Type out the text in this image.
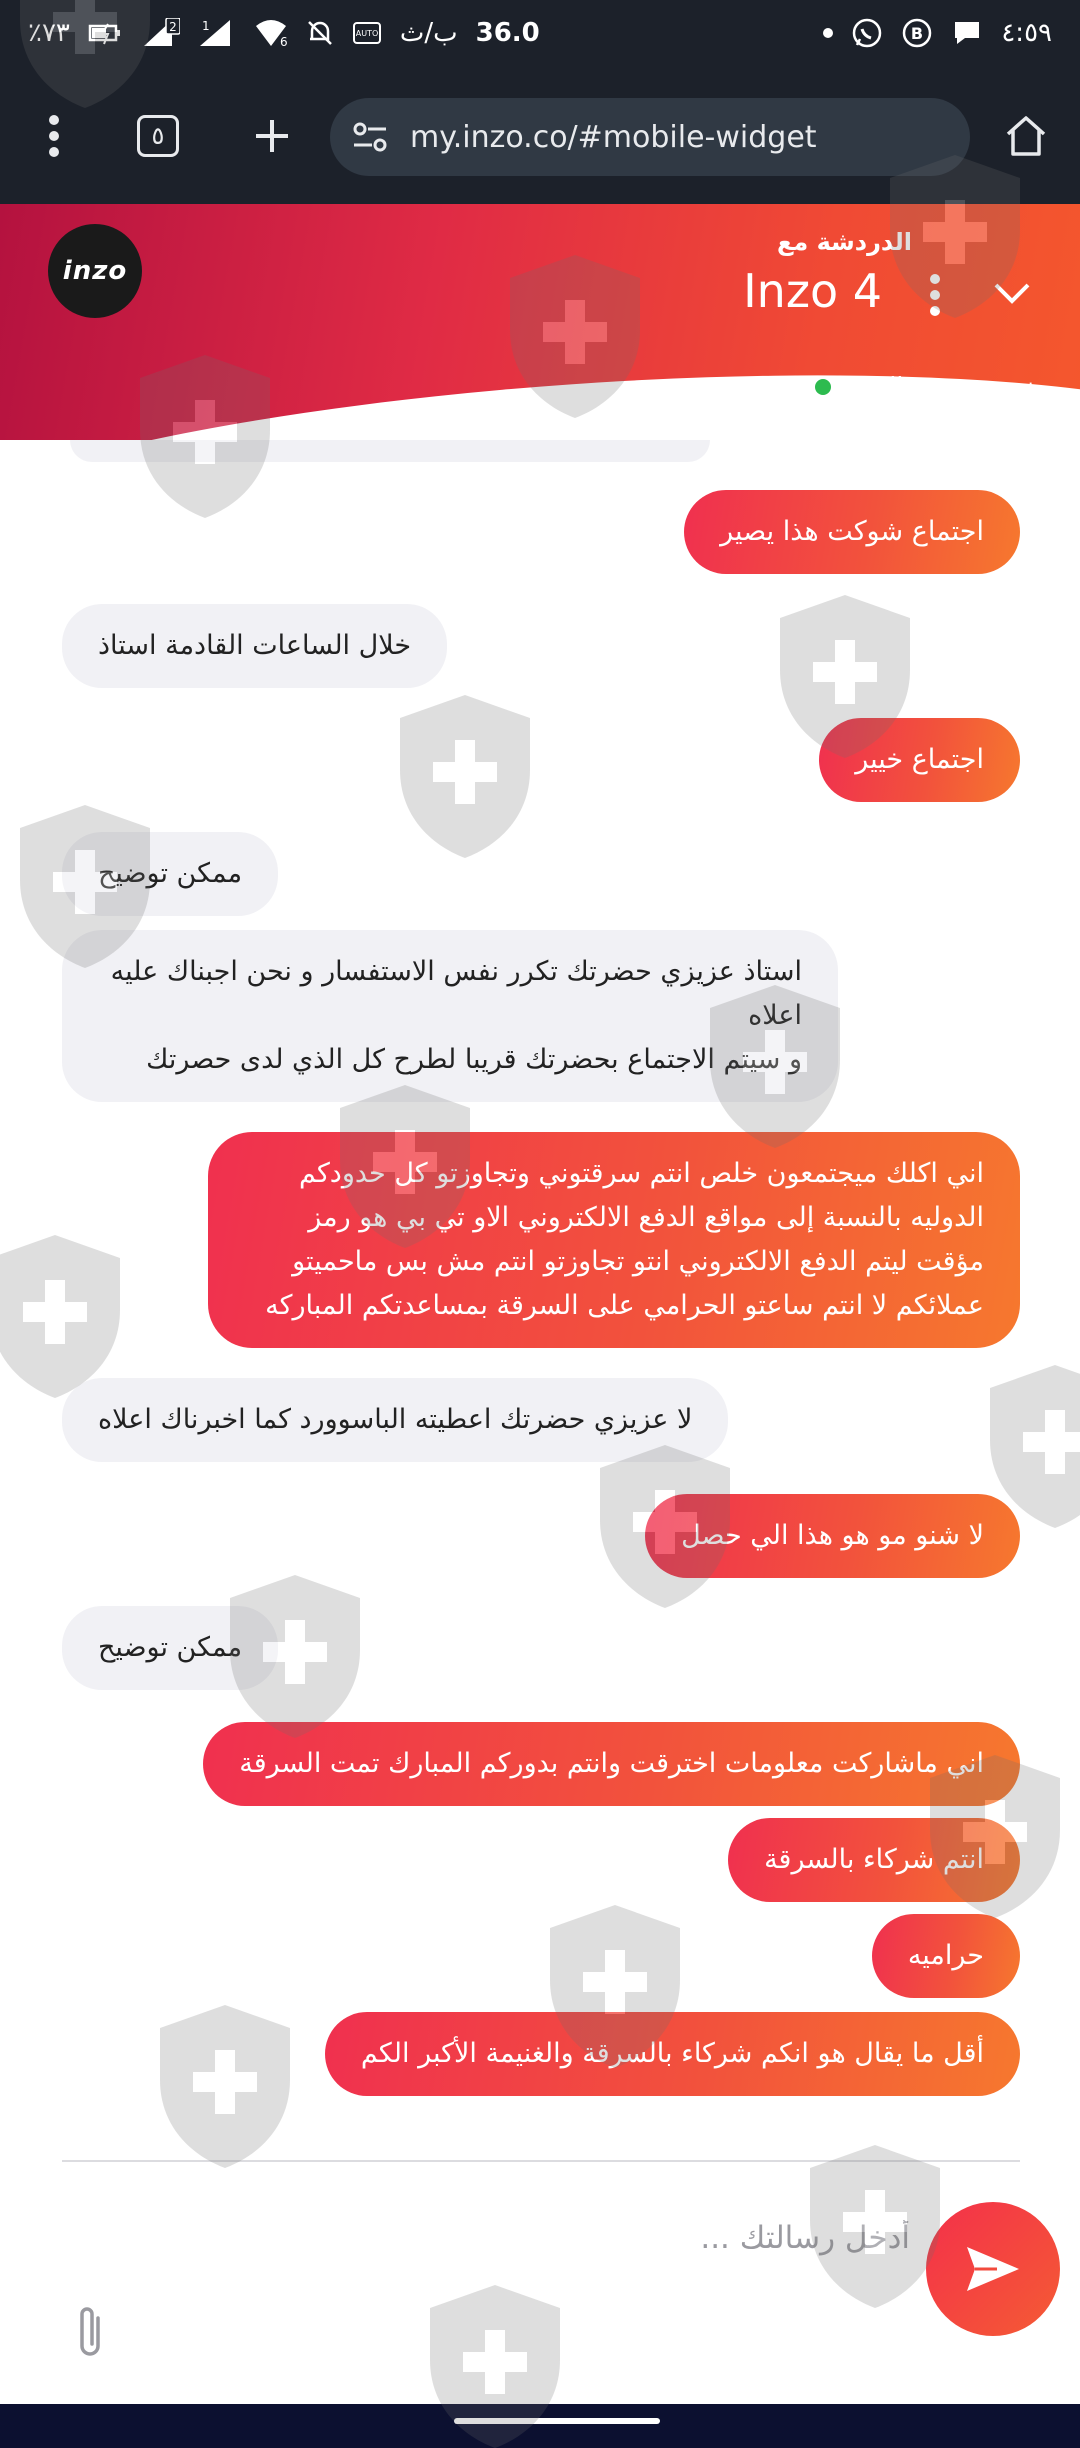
٪٧٣	2 1
6
AUTO ب/ث 36.0	B	٤:٥٩
٥	my.inzo.co/#mobile-widget
inzo
الدردشة مع
Inzo 4
نحن نرد في الحال
اجتماع شوكت هذا يصير
خلال الساعات القادمة استاذ
اجتماع خيير
ممكن توضيح
استاذ عزيزي حضرتك تكرر نفس الاستفسار و نحن اجبناك عليه اعلاه
و سيتم الاجتماع بحضرتك قريبا لطرح كل الذي لدى حصرتك
اني اكلك ميجتمعون خلص انتم سرقتوني وتجاوزتو كل حدودكم الدوليه بالنسبة إلى مواقع الدفع الالكتروني الاو تي بي هو رمز مؤقت ليتم الدفع الالكتروني انتو تجاوزتو انتم مش بس ماحميتو عملائكم لا انتم ساعتو الحرامي على السرقة بمساعدتكم المباركه
لا عزيزي حضرتك اعطيته الباسوورد كما اخبرناك اعلاه
لا شنو مو هو هذا الي حصل
ممكن توضيح
اني ماشاركت معلومات اخترقت وانتم بدوركم المبارك تمت السرقة
انتم شركاء بالسرقة
حراميه
أقل ما يقال هو انكم شركاء بالسرقة والغنيمة الأكبر الكم
أدخل رسالتك ...
